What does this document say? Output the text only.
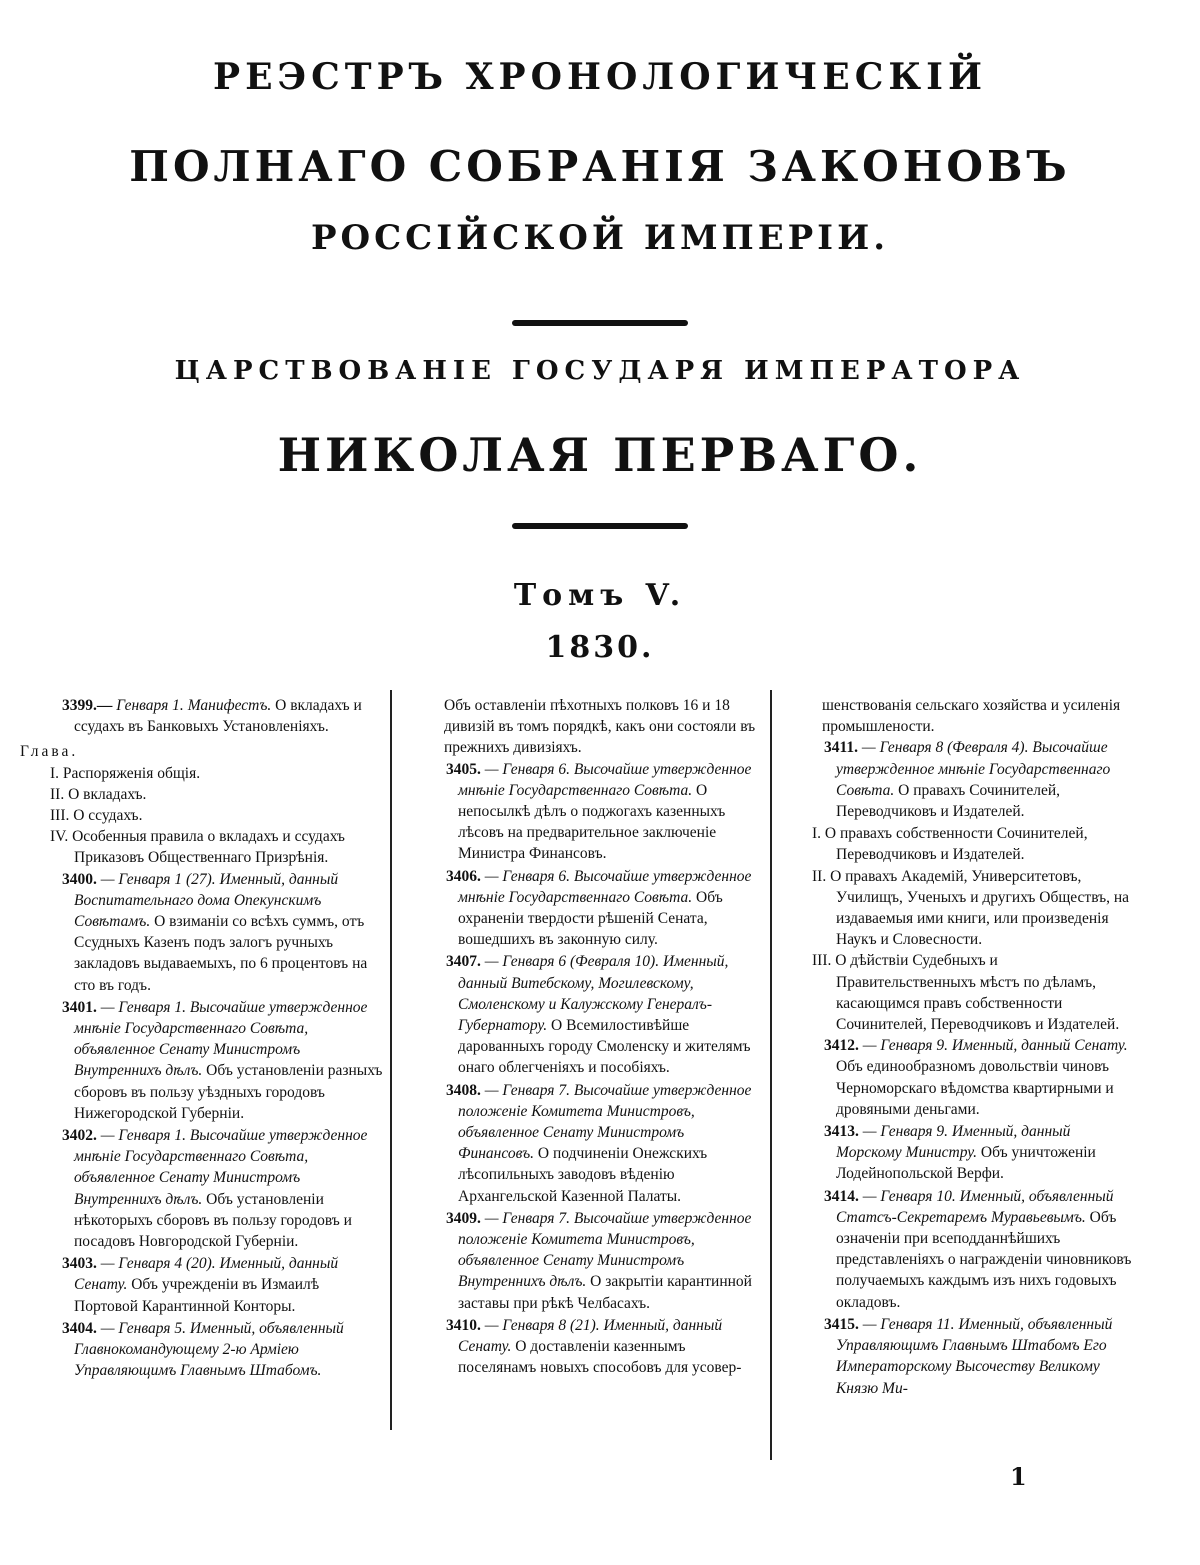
РЕЭСТРЪ ХРОНОЛОГИЧЕСКІЙ
ПОЛНАГО СОБРАНІЯ ЗАКОНОВЪ
РОССІЙСКОЙ ИМПЕРІИ.
ЦАРСТВОВАНІЕ ГОСУДАРЯ ИМПЕРАТОРА
НИКОЛАЯ ПЕРВАГО.
Томъ V.
1830.
3399.— Генваря 1. Манифестъ. О вкладахъ и ссудахъ въ Банковыхъ Установленіяхъ.
Глава.
I. Распоряженія общія.
II. О вкладахъ.
III. О ссудахъ.
IV. Особенныя правила о вкладахъ и ссудахъ Приказовъ Общественнаго Призрѣнія.
3400. — Генваря 1 (27). Именный, данный Воспитательнаго дома Опекунскимъ Совѣтамъ. О взиманіи со всѣхъ суммъ, отъ Ссудныхъ Казенъ подъ залогъ ручныхъ закладовъ выдаваемыхъ, по 6 процентовъ на сто въ годъ.
3401. — Генваря 1. Высочайше утвержденное мнѣніе Государственнаго Совѣта, объявленное Сенату Министромъ Внутреннихъ дѣлъ. Объ установленіи разныхъ сборовъ въ пользу уѣздныхъ городовъ Нижегородской Губерніи.
3402. — Генваря 1. Высочайше утвержденное мнѣніе Государственнаго Совѣта, объявленное Сенату Министромъ Внутреннихъ дѣлъ. Объ установленіи нѣкоторыхъ сборовъ въ пользу городовъ и посадовъ Новгородской Губерніи.
3403. — Генваря 4 (20). Именный, данный Сенату. Объ учрежденіи въ Измаилѣ Портовой Карантинной Конторы.
3404. — Генваря 5. Именный, объявленный Главнокомандующему 2-ю Арміею Управляющимъ Главнымъ Штабомъ.
Объ оставленіи пѣхотныхъ полковъ 16 и 18 дивизій въ томъ порядкѣ, какъ они состояли въ прежнихъ дивизіяхъ.
3405. — Генваря 6. Высочайше утвержденное мнѣніе Государственнаго Совѣта. О непосылкѣ дѣлъ о поджогахъ казенныхъ лѣсовъ на предварительное заключеніе Министра Финансовъ.
3406. — Генваря 6. Высочайше утвержденное мнѣніе Государственнаго Совѣта. Объ охраненіи твердости рѣшеній Сената, вошедшихъ въ законную силу.
3407. — Генваря 6 (Февраля 10). Именный, данный Витебскому, Могилевскому, Смоленскому и Калужскому Генералъ-Губернатору. О Всемилостивѣйше дарованныхъ городу Смоленску и жителямъ онаго облегченіяхъ и пособіяхъ.
3408. — Генваря 7. Высочайше утвержденное положеніе Комитета Министровъ, объявленное Сенату Министромъ Финансовъ. О подчиненіи Онежскихъ лѣсопильныхъ заводовъ вѣденію Архангельской Казенной Палаты.
3409. — Генваря 7. Высочайше утвержденное положеніе Комитета Министровъ, объявленное Сенату Министромъ Внутреннихъ дѣлъ. О закрытіи карантинной заставы при рѣкѣ Челбасахъ.
3410. — Генваря 8 (21). Именный, данный Сенату. О доставленіи казеннымъ поселянамъ новыхъ способовъ для усовер-
шенствованія сельскаго хозяйства и усиленія промышлености.
3411. — Генваря 8 (Февраля 4). Высочайше утвержденное мнѣніе Государственнаго Совѣта. О правахъ Сочинителей, Переводчиковъ и Издателей.
I. О правахъ собственности Сочинителей, Переводчиковъ и Издателей.
II. О правахъ Академій, Университетовъ, Училищъ, Ученыхъ и другихъ Обществъ, на издаваемыя ими книги, или произведенія Наукъ и Словесности.
III. О дѣйствіи Судебныхъ и Правительственныхъ мѣстъ по дѣламъ, касающимся правъ собственности Сочинителей, Переводчиковъ и Издателей.
3412. — Генваря 9. Именный, данный Сенату. Объ единообразномъ довольствіи чиновъ Черноморскаго вѣдомства квартирными и дровяными деньгами.
3413. — Генваря 9. Именный, данный Морскому Министру. Объ уничтоженіи Лодейнопольской Верфи.
3414. — Генваря 10. Именный, объявленный Статсъ-Секретаремъ Муравьевымъ. Объ означеніи при всеподданнѣйшихъ представленіяхъ о награжденіи чиновниковъ получаемыхъ каждымъ изъ нихъ годовыхъ окладовъ.
3415. — Генваря 11. Именный, объявленный Управляющимъ Главнымъ Штабомъ Его Императорскому Высочеству Великому Князю Ми-
1
